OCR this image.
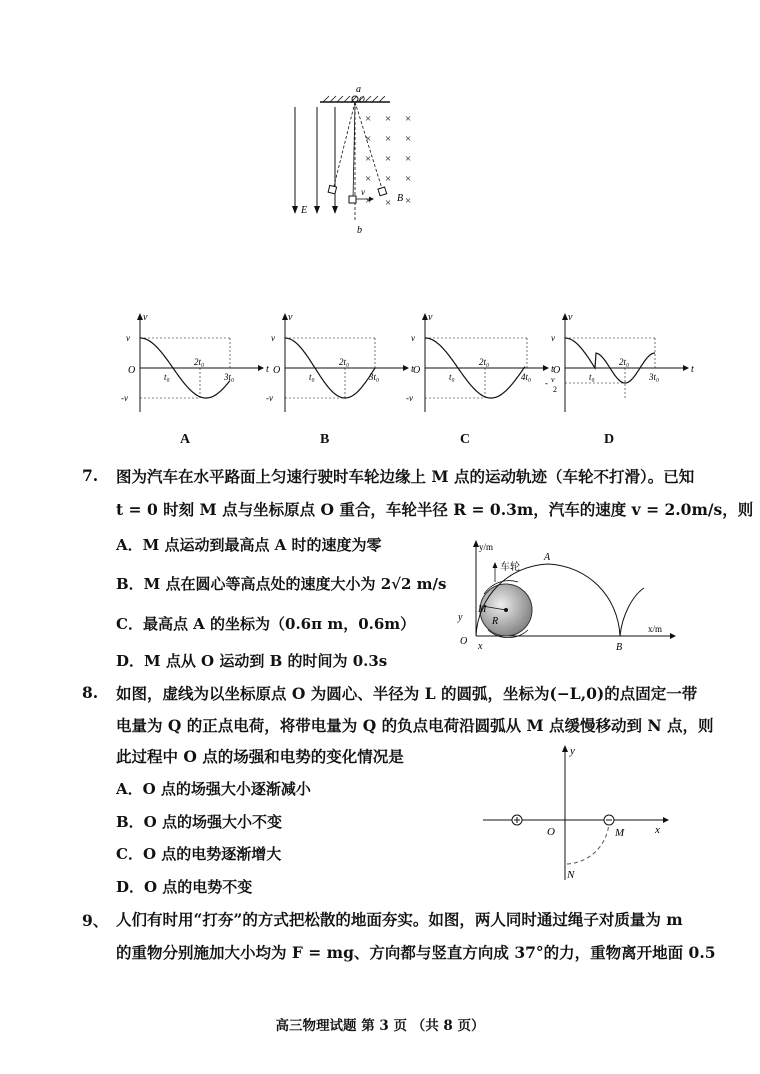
× × ×
× × ×
× × ×
× × ×
× × ×
a
O
E
b
v
B
v
t
O
v
-v
t₀
2t₀
3t₀
v
t
O
v
-v
t₀
2t₀
3t₀
v
t
O
v
-v
t₀
2t₀
4t₀
v
t
O
v
- v
2
t₀
2t₀
3t₀
A	B	C	D
7. 图为汽车在水平路面上匀速行驶时车轮边缘上 M 点的运动轨迹（车轮不打滑）。已知
t = 0 时刻 M 点与坐标原点 O 重合，车轮半径 R = 0.3m，汽车的速度 v = 2.0m/s，则
A．M 点运动到最高点 A 时的速度为零
B．M 点在圆心等高点处的速度大小为 2√2 m/s
C．最高点 A 的坐标为（0.6π m，0.6m）
D．M 点从 O 运动到 B 的时间为 0.3s
车轮
y/m
x/m
A
B
O
M
R
x
y
8. 如图，虚线为以坐标原点 O 为圆心、半径为 L 的圆弧，坐标为(−L,0)的点固定一带
电量为 Q 的正点电荷，将带电量为 Q 的负点电荷沿圆弧从 M 点缓慢移动到 N 点，则
此过程中 O 点的场强和电势的变化情况是
A．O 点的场强大小逐渐减小
B．O 点的场强大小不变
C．O 点的电势逐渐增大
D．O 点的电势不变
y
x
O	M
N
9、 人们有时用“打夯”的方式把松散的地面夯实。如图，两人同时通过绳子对质量为 m
的重物分别施加大小均为 F = mg、方向都与竖直方向成 37°的力，重物离开地面 0.5
高三物理试题 第 3 页 （共 8 页）
